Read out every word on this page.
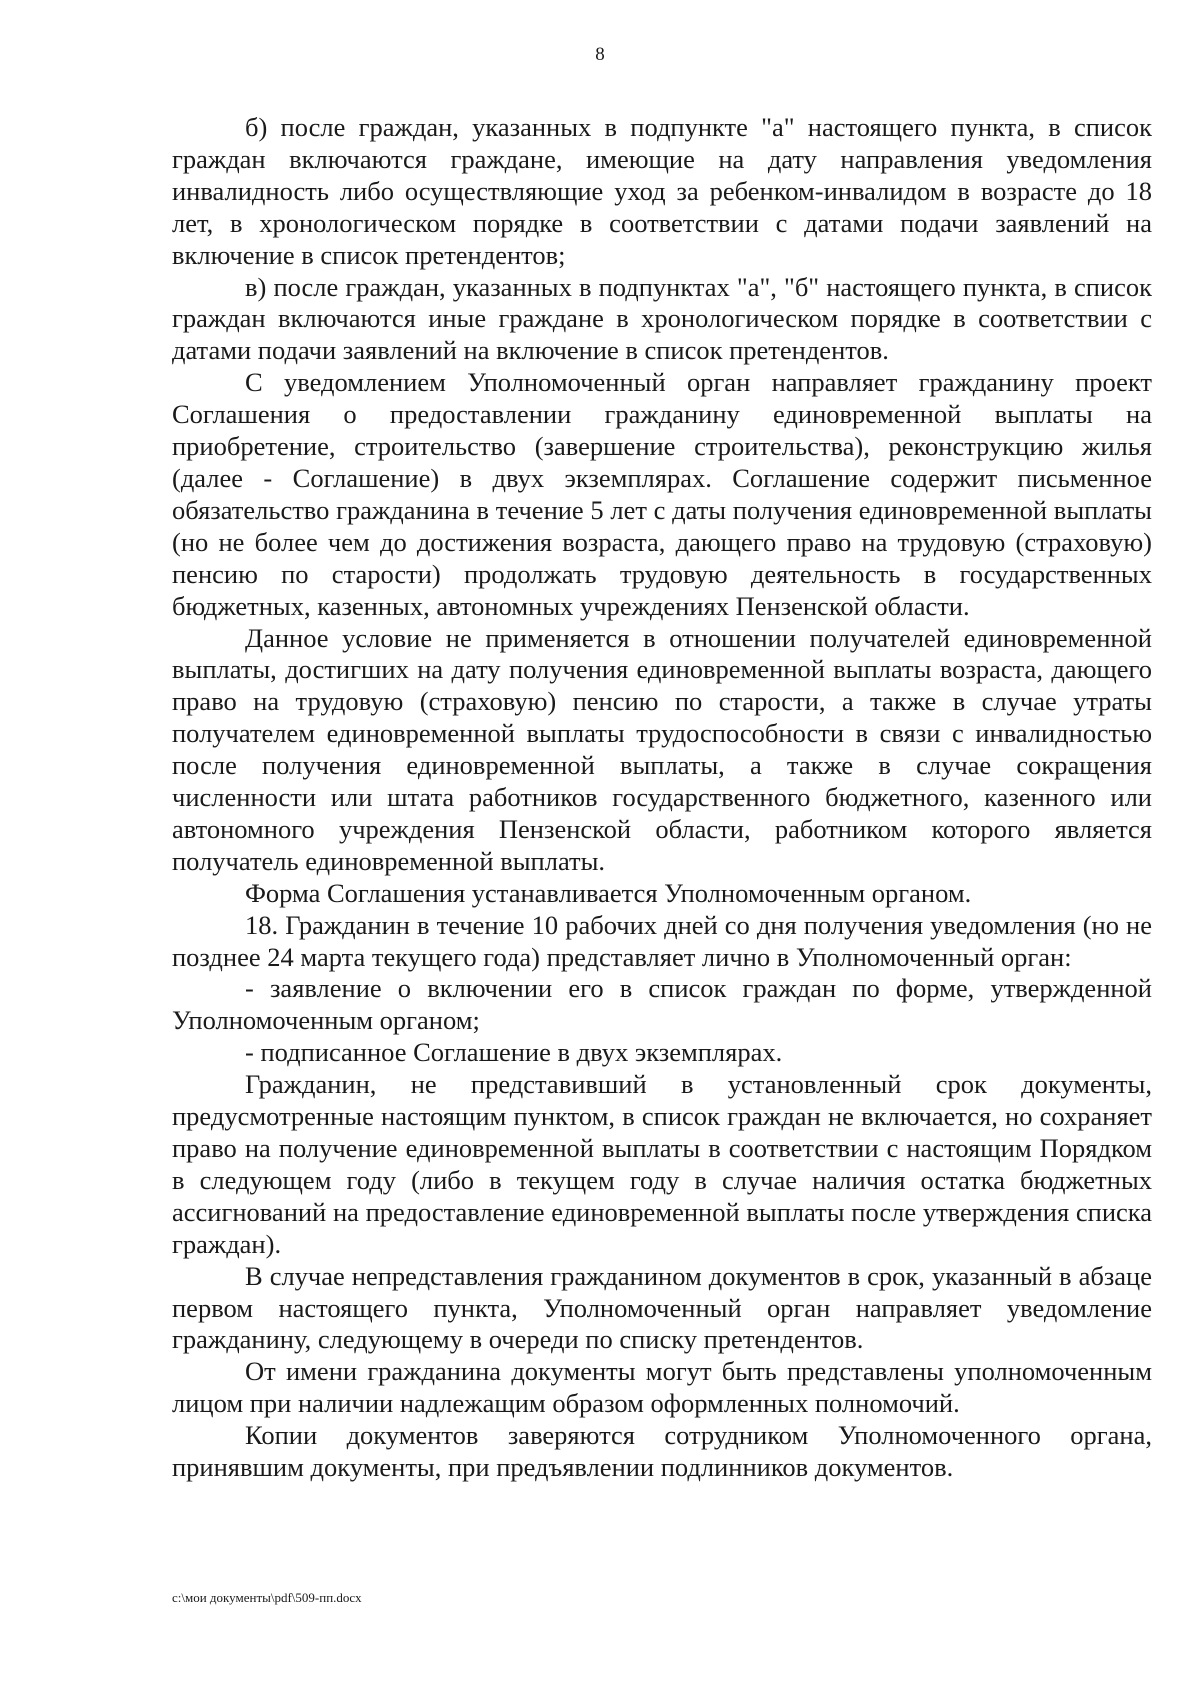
8

б) после граждан, указанных в подпункте "а" настоящего пункта, в список граждан включаются граждане, имеющие на дату направления уведомления инвалидность либо осуществляющие уход за ребенком-инвалидом в возрасте до 18 лет, в хронологическом порядке в соответствии с датами подачи заявлений на включение в список претендентов;

в) после граждан, указанных в подпунктах "а", "б" настоящего пункта, в список граждан включаются иные граждане в хронологическом порядке в соответствии с датами подачи заявлений на включение в список претендентов.

С уведомлением Уполномоченный орган направляет гражданину проект Соглашения о предоставлении гражданину единовременной выплаты на приобретение, строительство (завершение строительства), реконструкцию жилья (далее - Соглашение) в двух экземплярах. Соглашение содержит письменное обязательство гражданина в течение 5 лет с даты получения единовременной выплаты (но не более чем до достижения возраста, дающего право на трудовую (страховую) пенсию по старости) продолжать трудовую деятельность в государственных бюджетных, казенных, автономных учреждениях Пензенской области.

Данное условие не применяется в отношении получателей единовременной выплаты, достигших на дату получения единовременной выплаты возраста, дающего право на трудовую (страховую) пенсию по старости, а также в случае утраты получателем единовременной выплаты трудоспособности в связи с инвалидностью после получения единовременной выплаты, а также в случае сокращения численности или штата работников государственного бюджетного, казенного или автономного учреждения Пензенской области, работником которого является получатель единовременной выплаты.

Форма Соглашения устанавливается Уполномоченным органом.

18. Гражданин в течение 10 рабочих дней со дня получения уведомления (но не позднее 24 марта текущего года) представляет лично в Уполномоченный орган:

- заявление о включении его в список граждан по форме, утвержденной Уполномоченным органом;

- подписанное Соглашение в двух экземплярах.

Гражданин, не представивший в установленный срок документы, предусмотренные настоящим пунктом, в список граждан не включается, но сохраняет право на получение единовременной выплаты в соответствии с настоящим Порядком в следующем году (либо в текущем году в случае наличия остатка бюджетных ассигнований на предоставление единовременной выплаты после утверждения списка граждан).

В случае непредставления гражданином документов в срок, указанный в абзаце первом настоящего пункта, Уполномоченный орган направляет уведомление гражданину, следующему в очереди по списку претендентов.

От имени гражданина документы могут быть представлены уполномоченным лицом при наличии надлежащим образом оформленных полномочий.

Копии документов заверяются сотрудником Уполномоченного органа, принявшим документы, при предъявлении подлинников документов.

c:\мои документы\pdf\509-пп.docx
